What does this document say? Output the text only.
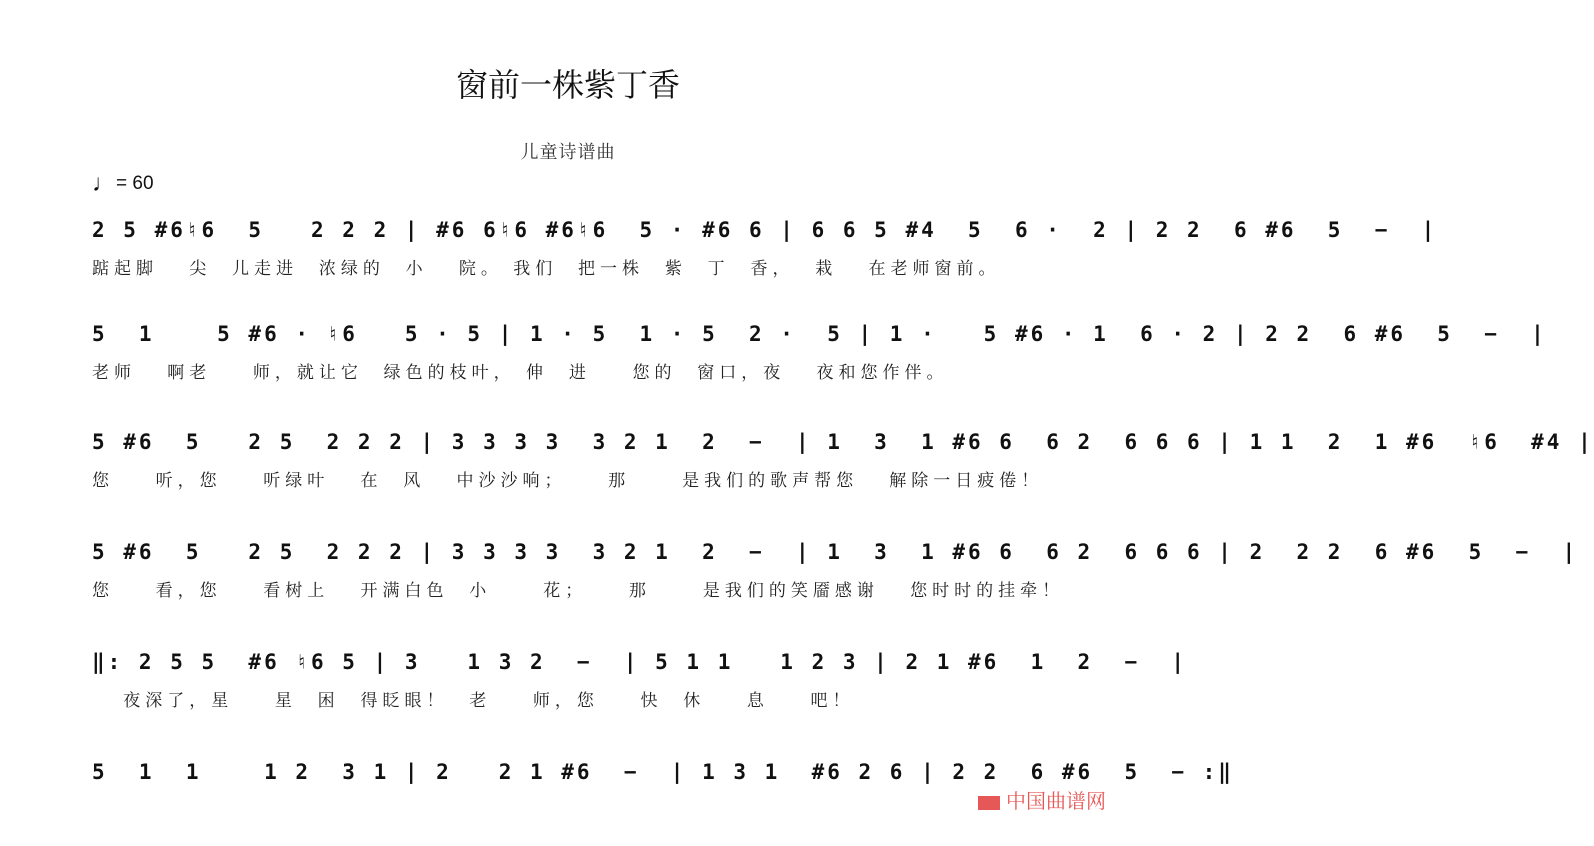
窗前一株紫丁香
儿童诗谱曲
♩= 60
2 5 #6♮6  5   2 2 2 | #6 6♮6 #6♮6  5 · #6 6 | 6 6 5 #4  5  6 ·  2 | 2 2  6 #6  5  −  |
踮起脚   尖  儿走进  浓绿的  小   院。 我们  把一株  紫  丁  香，  栽   在老师窗前。
5  1    5 #6 · ♮6   5 · 5 | 1 · 5  1 · 5  2 ·  5 | 1 ·   5 #6 · 1  6 · 2 | 2 2  6 #6  5  −  |
老师   啊老    师，就让它  绿色的枝叶， 伸  进    您的  窗口，夜   夜和您作伴。
5 #6  5   2 5  2 2 2 | 3 3 3 3  3 2 1  2  −  | 1  3  1 #6 6  6 2  6 6 6 | 1 1  2  1 #6  ♮6  #4 |
您    听，您    听绿叶   在  风   中沙沙响；    那     是我们的歌声帮您   解除一日疲倦！
5 #6  5   2 5  2 2 2 | 3 3 3 3  3 2 1  2  −  | 1  3  1 #6 6  6 2  6 6 6 | 2  2 2  6 #6  5  −  |
您    看，您    看树上   开满白色  小     花；    那     是我们的笑靥感谢   您时时的挂牵！
‖: 2 5 5  #6 ♮6 5 | 3   1 3 2  −  | 5 1 1   1 2 3 | 2 1 #6  1  2  −  |
夜深了，星    星  困  得眨眼！  老    师，您    快  休    息    吧！
5  1  1    1 2  3 1 | 2   2 1 #6  −  | 1 3 1  #6 2 6 | 2 2  6 #6  5  − :‖
中国曲谱网
